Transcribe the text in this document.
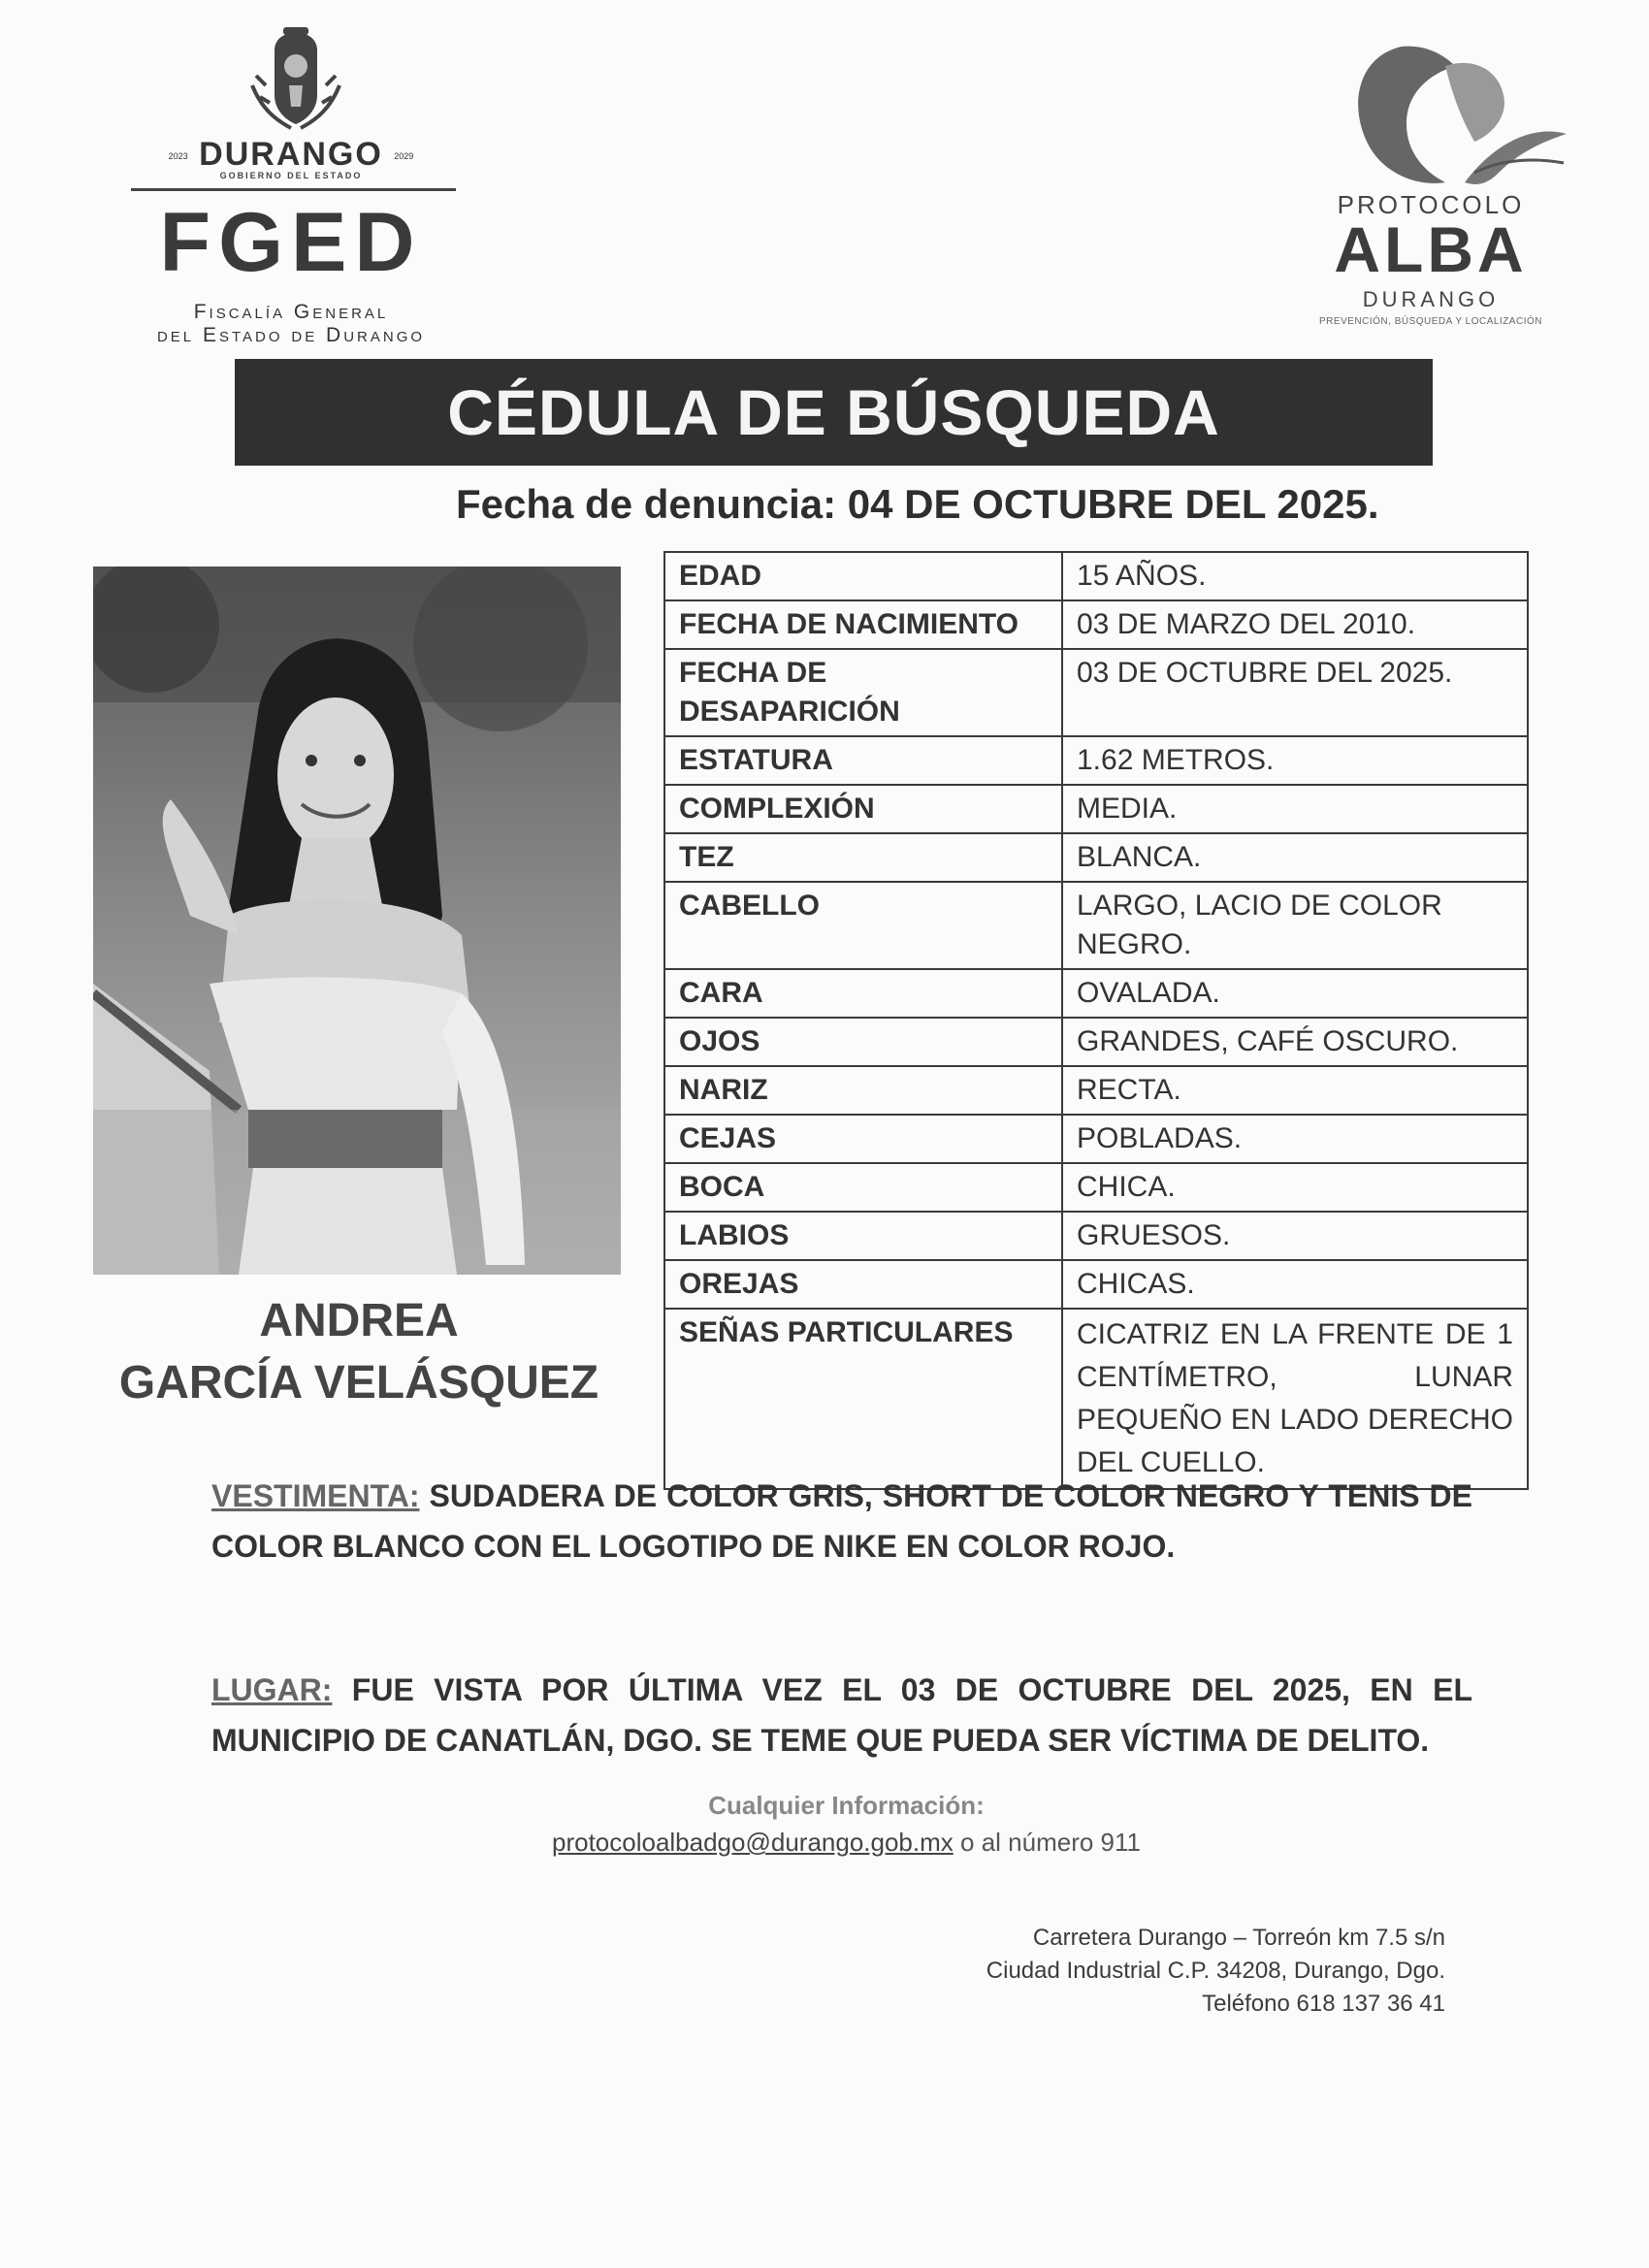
2023 DURANGO 2029
GOBIERNO DEL ESTADO
FGED
Fiscalía General
del Estado de Durango
PROTOCOLO
ALBA
DURANGO
PREVENCIÓN, BÚSQUEDA Y LOCALIZACIÓN
CÉDULA DE BÚSQUEDA
Fecha de denuncia: 04 DE OCTUBRE DEL 2025.
ANDREA
GARCÍA VELÁSQUEZ
EDAD	15 AÑOS.
FECHA DE NACIMIENTO	03 DE MARZO DEL 2010.
FECHA DE DESAPARICIÓN	03 DE OCTUBRE DEL 2025.
ESTATURA	1.62 METROS.
COMPLEXIÓN	MEDIA.
TEZ	BLANCA.
CABELLO	LARGO, LACIO DE COLOR NEGRO.
CARA	OVALADA.
OJOS	GRANDES, CAFÉ OSCURO.
NARIZ	RECTA.
CEJAS	POBLADAS.
BOCA	CHICA.
LABIOS	GRUESOS.
OREJAS	CHICAS.
SEÑAS PARTICULARES	CICATRIZ EN LA FRENTE DE 1 CENTÍMETRO, LUNAR PEQUEÑO EN LADO DERECHO DEL CUELLO.
VESTIMENTA: SUDADERA DE COLOR GRIS, SHORT DE COLOR NEGRO Y TENIS DE COLOR BLANCO CON EL LOGOTIPO DE NIKE EN COLOR ROJO.
LUGAR: FUE VISTA POR ÚLTIMA VEZ EL 03 DE OCTUBRE DEL 2025, EN EL MUNICIPIO DE CANATLÁN, DGO. SE TEME QUE PUEDA SER VÍCTIMA DE DELITO.
Cualquier Información:
protocoloalbadgo@durango.gob.mx o al número 911
Carretera Durango – Torreón km 7.5 s/n
Ciudad Industrial C.P. 34208, Durango, Dgo.
Teléfono 618 137 36 41
